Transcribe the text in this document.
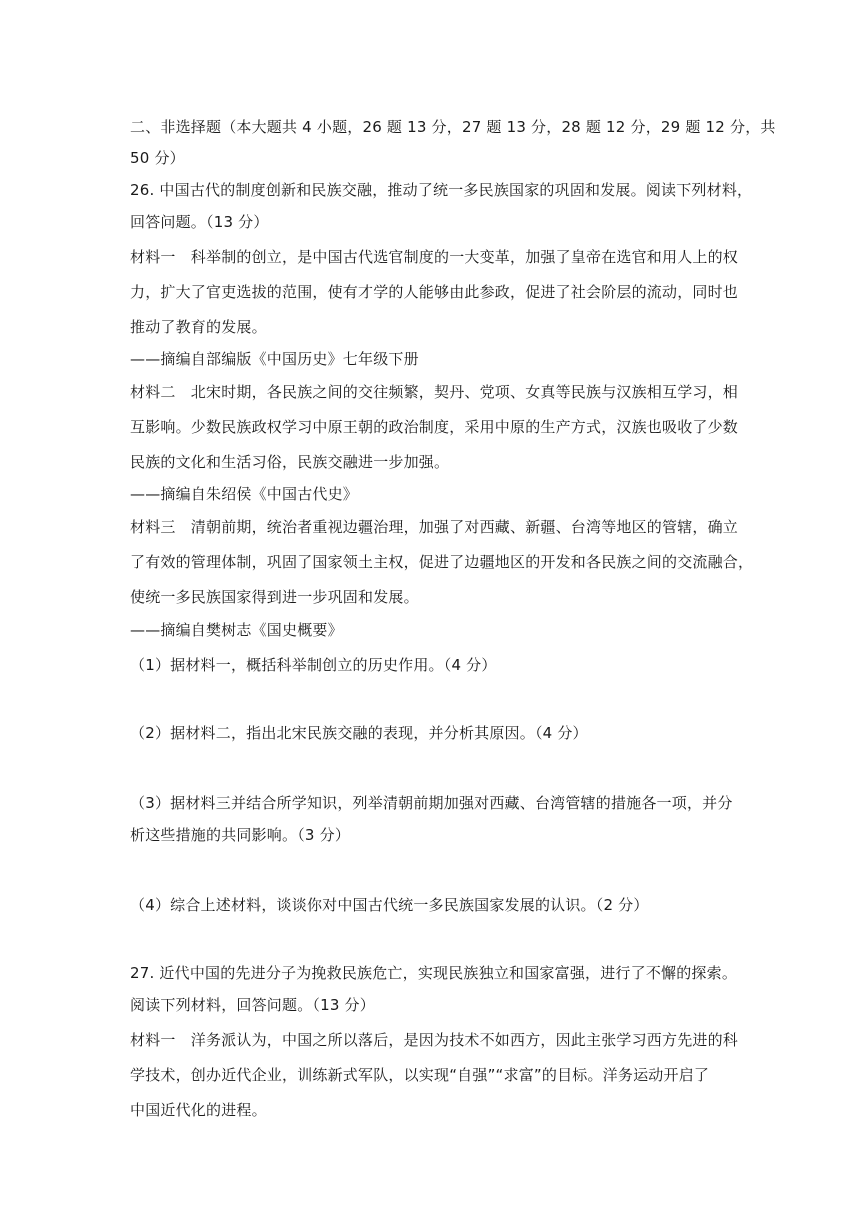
二、非选择题（本大题共 4 小题，26 题 13 分，27 题 13 分，28 题 12 分，29 题 12 分，共
50 分）
26. 中国古代的制度创新和民族交融，推动了统一多民族国家的巩固和发展。阅读下列材料，
回答问题。（13 分）
材料一　科举制的创立，是中国古代选官制度的一大变革，加强了皇帝在选官和用人上的权
力，扩大了官吏选拔的范围，使有才学的人能够由此参政，促进了社会阶层的流动，同时也
推动了教育的发展。
——摘编自部编版《中国历史》七年级下册
材料二　北宋时期，各民族之间的交往频繁，契丹、党项、女真等民族与汉族相互学习，相
互影响。少数民族政权学习中原王朝的政治制度，采用中原的生产方式，汉族也吸收了少数
民族的文化和生活习俗，民族交融进一步加强。
——摘编自朱绍侯《中国古代史》
材料三　清朝前期，统治者重视边疆治理，加强了对西藏、新疆、台湾等地区的管辖，确立
了有效的管理体制，巩固了国家领土主权，促进了边疆地区的开发和各民族之间的交流融合，
使统一多民族国家得到进一步巩固和发展。
——摘编自樊树志《国史概要》
（1）据材料一，概括科举制创立的历史作用。（4 分）
（2）据材料二，指出北宋民族交融的表现，并分析其原因。（4 分）
（3）据材料三并结合所学知识，列举清朝前期加强对西藏、台湾管辖的措施各一项，并分
析这些措施的共同影响。（3 分）
（4）综合上述材料，谈谈你对中国古代统一多民族国家发展的认识。（2 分）
27. 近代中国的先进分子为挽救民族危亡，实现民族独立和国家富强，进行了不懈的探索。
阅读下列材料，回答问题。（13 分）
材料一　洋务派认为，中国之所以落后，是因为技术不如西方，因此主张学习西方先进的科
学技术，创办近代企业，训练新式军队，以实现“自强”“求富”的目标。洋务运动开启了
中国近代化的进程。
